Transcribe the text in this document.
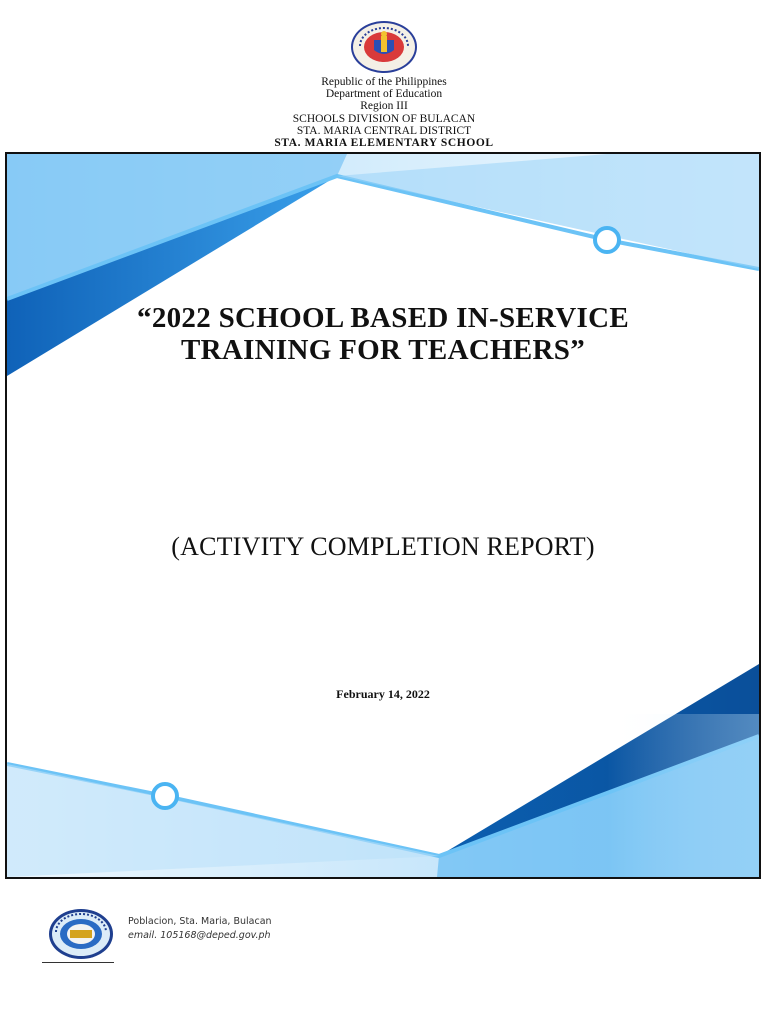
Republic of the Philippines
Department of Education
Region III
SCHOOLS DIVISION OF BULACAN
STA. MARIA CENTRAL DISTRICT
STA. MARIA ELEMENTARY SCHOOL
“2022 SCHOOL BASED IN-SERVICE
TRAINING FOR TEACHERS”
(ACTIVITY COMPLETION REPORT)
February 14, 2022
Poblacion, Sta. Maria, Bulacan
email. 105168@deped.gov.ph
